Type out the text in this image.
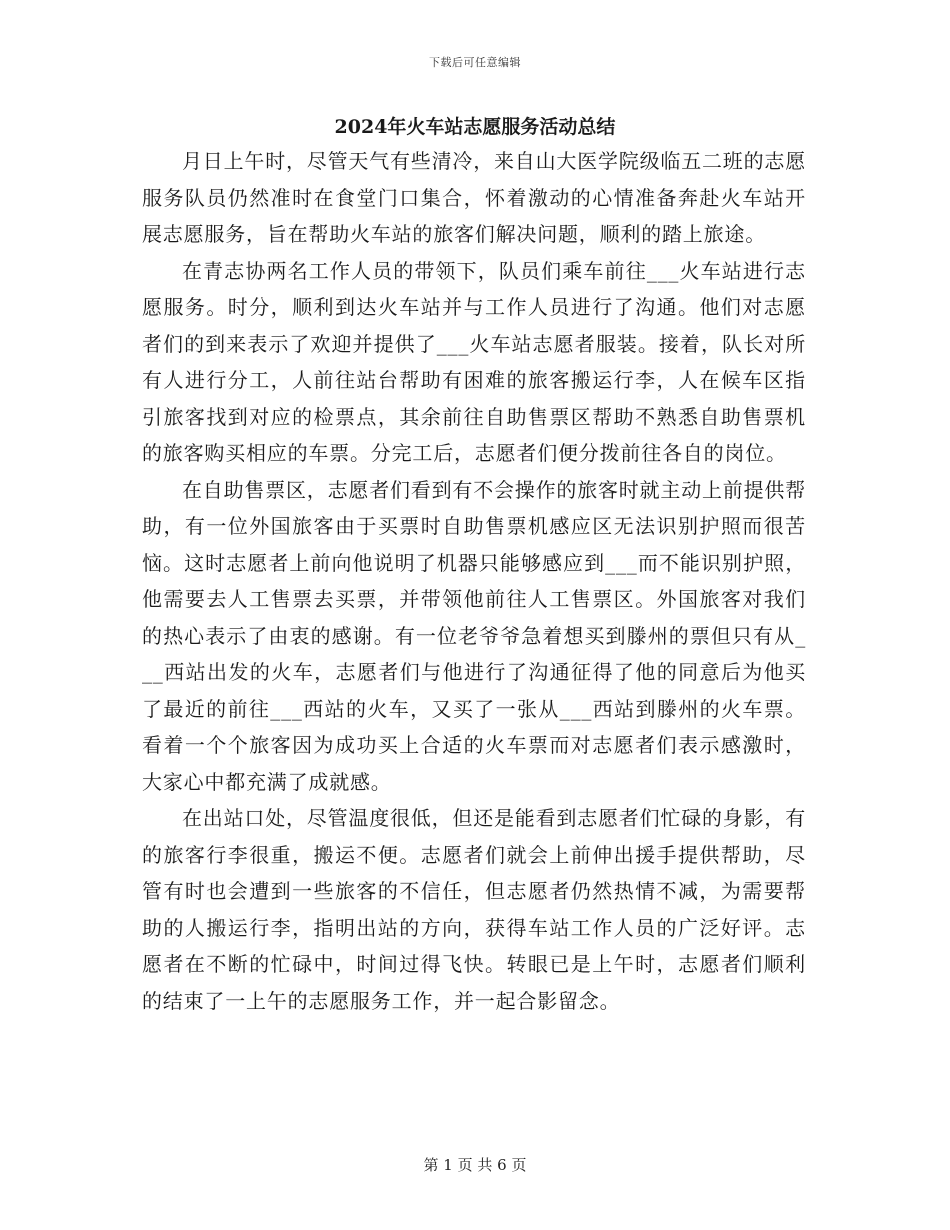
下载后可任意编辑
2024年火车站志愿服务活动总结

月日上午时，尽管天气有些清冷，来自山大医学院级临五二班的志愿服务队员仍然准时在食堂门口集合，怀着激动的心情准备奔赴火车站开展志愿服务，旨在帮助火车站的旅客们解决问题，顺利的踏上旅途。

在青志协两名工作人员的带领下，队员们乘车前往___火车站进行志愿服务。时分，顺利到达火车站并与工作人员进行了沟通。他们对志愿者们的到来表示了欢迎并提供了___火车站志愿者服装。接着，队长对所有人进行分工，人前往站台帮助有困难的旅客搬运行李，人在候车区指引旅客找到对应的检票点，其余前往自助售票区帮助不熟悉自助售票机的旅客购买相应的车票。分完工后，志愿者们便分拨前往各自的岗位。

在自助售票区，志愿者们看到有不会操作的旅客时就主动上前提供帮助，有一位外国旅客由于买票时自助售票机感应区无法识别护照而很苦恼。这时志愿者上前向他说明了机器只能够感应到___而不能识别护照，他需要去人工售票去买票，并带领他前往人工售票区。外国旅客对我们的热心表示了由衷的感谢。有一位老爷爷急着想买到滕州的票但只有从___西站出发的火车，志愿者们与他进行了沟通征得了他的同意后为他买了最近的前往___西站的火车，又买了一张从___西站到滕州的火车票。看着一个个旅客因为成功买上合适的火车票而对志愿者们表示感激时，大家心中都充满了成就感。

在出站口处，尽管温度很低，但还是能看到志愿者们忙碌的身影，有的旅客行李很重，搬运不便。志愿者们就会上前伸出援手提供帮助，尽管有时也会遭到一些旅客的不信任，但志愿者仍然热情不减，为需要帮助的人搬运行李，指明出站的方向，获得车站工作人员的广泛好评。志愿者在不断的忙碌中，时间过得飞快。转眼已是上午时，志愿者们顺利的结束了一上午的志愿服务工作，并一起合影留念。

第 1 页 共 6 页
